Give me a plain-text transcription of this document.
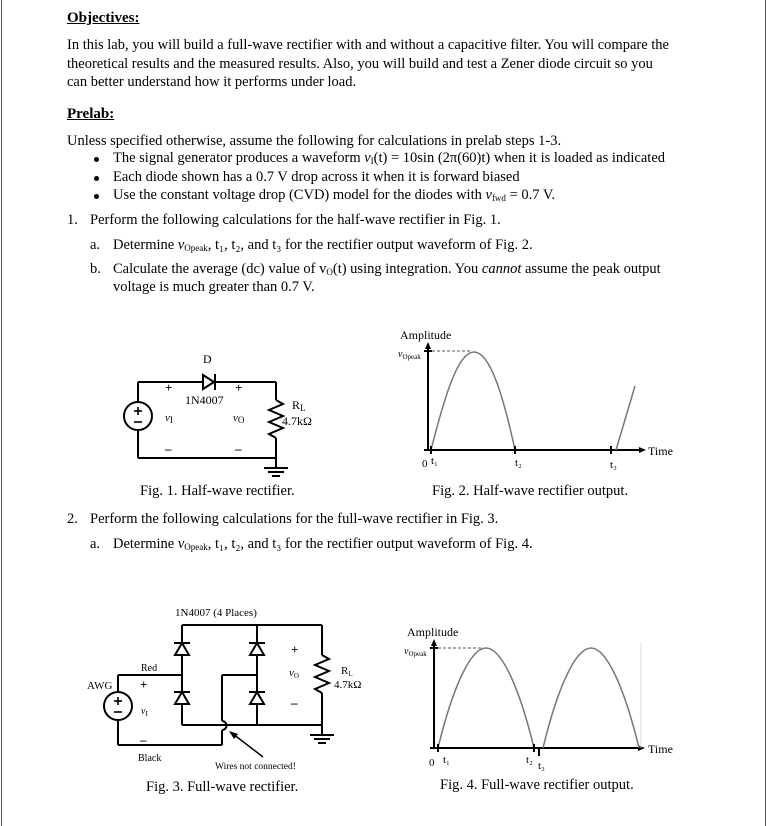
Objectives:
In this lab, you will build a full-wave rectifier with and without a capacitive filter. You will compare the
theoretical results and the measured results. Also, you will build and test a Zener diode circuit so you
can better understand how it performs under load.
Prelab:
Unless specified otherwise, assume the following for calculations in prelab steps 1-3.
The signal generator produces a waveform $v_I(t) = 10\sin$ (2π(60)t) when it is loaded as indicated
Each diode shown has a 0.7 V drop across it when it is forward biased
Use the constant voltage drop (CVD) model for the diodes with $v_{fwd} = 0.7$ V.
1. Perform the following calculations for the half-wave rectifier in Fig. 1.
a. Determine $v_{Opeak}$, t₁, t₂, and t₃ for the rectifier output waveform of Fig. 2.
b. Calculate the average (dc) value of $v_O(t)$ using integration. You cannot assume the peak output
voltage is much greater than 0.7 V.
2. Perform the following calculations for the full-wave rectifier in Fig. 3.
a. Determine $v_{Opeak}$, t₁, t₂, and t₃ for the rectifier output waveform of Fig. 4.
D
1N4007
+	+
–	–
$v_I$	$v_O$
$R_L$
4.7kΩ
Fig. 1. Half-wave rectifier.
Amplitude
$v_{Opeak}$
Time
0 t₁	t₂	t₃
Fig. 2. Half-wave rectifier output.
1N4007 (4 Places)
AWG
Red
Black
+
–
$v_I$
+
–
$v_O$	$R_L$
4.7kΩ
Wires not connected!
Fig. 3. Full-wave rectifier.
Amplitude
$v_{Opeak}$
Time
0 t₁	t₂ t₃
Fig. 4. Full-wave rectifier output.
